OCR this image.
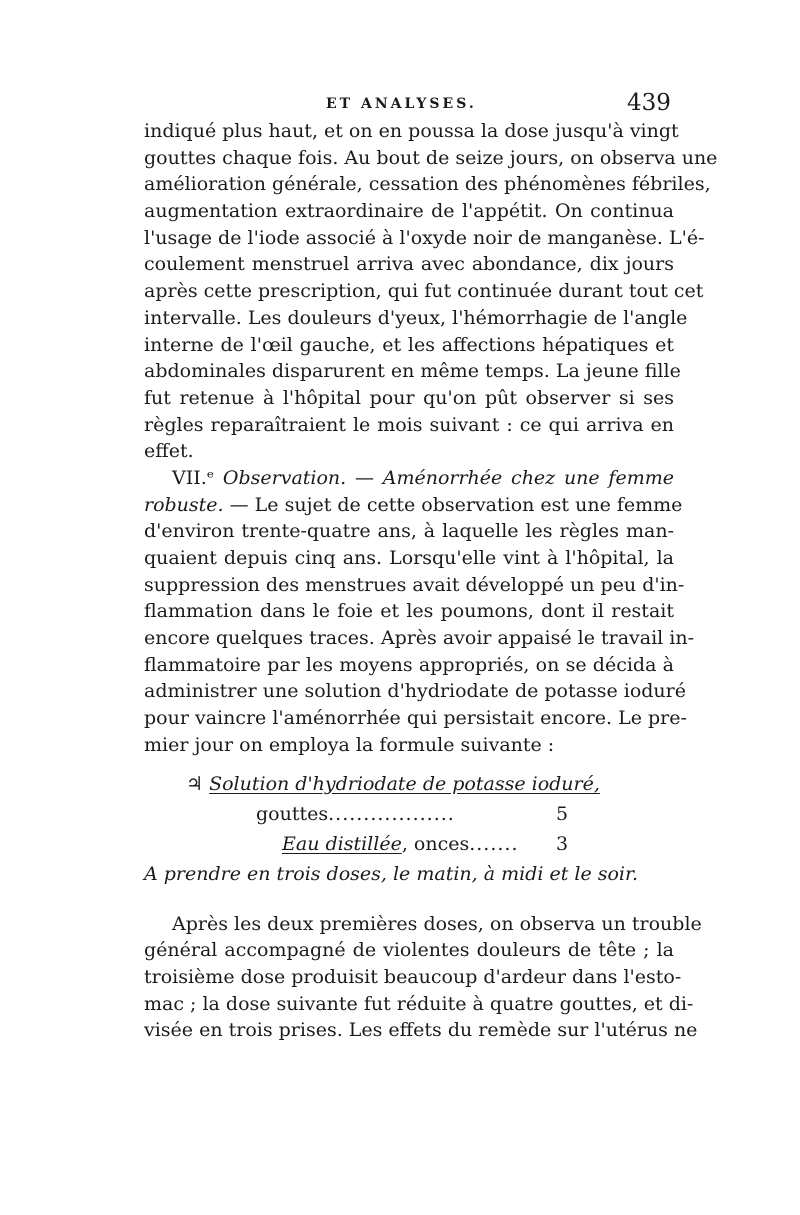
ET ANALYSES.	439
indiqué plus haut, et on en poussa la dose jusqu'à vingt
gouttes chaque fois. Au bout de seize jours, on observa une
amélioration générale, cessation des phénomènes fébriles,
augmentation extraordinaire de l'appétit. On continua
l'usage de l'iode associé à l'oxyde noir de manganèse. L'é-
coulement menstruel arriva avec abondance, dix jours
après cette prescription, qui fut continuée durant tout cet
intervalle. Les douleurs d'yeux, l'hémorrhagie de l'angle
interne de l'œil gauche, et les affections hépatiques et
abdominales disparurent en même temps. La jeune fille
fut retenue à l'hôpital pour qu'on pût observer si ses
règles reparaîtraient le mois suivant : ce qui arriva en
effet.
VII.ᵉ Observation. — Aménorrhée chez une femme
robuste. — Le sujet de cette observation est une femme
d'environ trente-quatre ans, à laquelle les règles man-
quaient depuis cinq ans. Lorsqu'elle vint à l'hôpital, la
suppression des menstrues avait développé un peu d'in-
flammation dans le foie et les poumons, dont il restait
encore quelques traces. Après avoir appaisé le travail in-
flammatoire par les moyens appropriés, on se décida à
administrer une solution d'hydriodate de potasse ioduré
pour vaincre l'aménorrhée qui persistait encore. Le pre-
mier jour on employa la formule suivante :
♃ Solution d'hydriodate de potasse ioduré,
gouttes..................	5
Eau distillée, onces....... 3
A prendre en trois doses, le matin, à midi et le soir.
Après les deux premières doses, on observa un trouble
général accompagné de violentes douleurs de tête ; la
troisième dose produisit beaucoup d'ardeur dans l'esto-
mac ; la dose suivante fut réduite à quatre gouttes, et di-
visée en trois prises. Les effets du remède sur l'utérus ne
